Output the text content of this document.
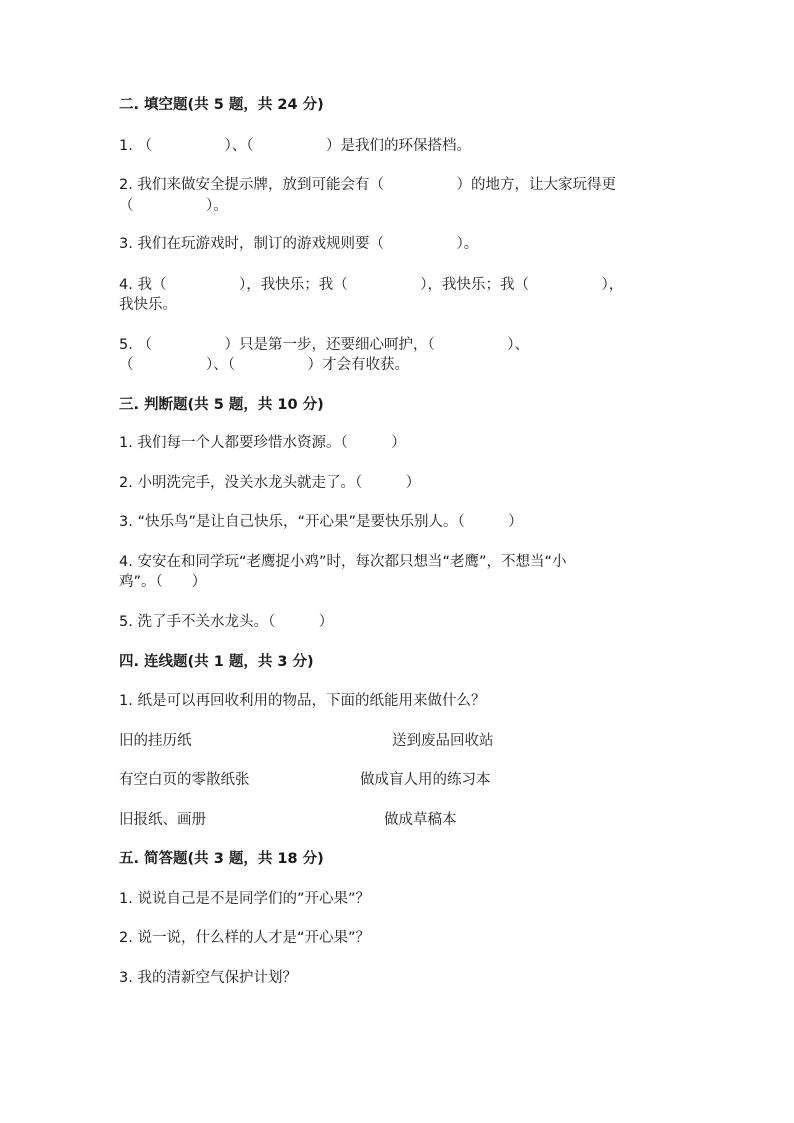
二. 填空题(共 5 题，共 24 分)
1. （　　　　　）、（　　　　　）是我们的环保搭档。
2. 我们来做安全提示牌，放到可能会有（　　　　　）的地方，让大家玩得更
（　　　　　）。
3. 我们在玩游戏时，制订的游戏规则要（　　　　　）。
4. 我（　　　　　），我快乐；我（　　　　　），我快乐；我（　　　　　），
我快乐。
5. （　　　　　）只是第一步，还要细心呵护，（　　　　　）、
（　　　　　）、（　　　　　）才会有收获。
三. 判断题(共 5 题，共 10 分)
1. 我们每一个人都要珍惜水资源。（　　　）
2. 小明洗完手，没关水龙头就走了。（　　　）
3. “快乐鸟”是让自己快乐，“开心果”是要快乐别人。（　　　）
4. 安安在和同学玩“老鹰捉小鸡”时，每次都只想当“老鹰”，不想当“小
鸡”。（　　）
5. 洗了手不关水龙头。（　　　）
四. 连线题(共 1 题，共 3 分)
1. 纸是可以再回收利用的物品，下面的纸能用来做什么？
旧的挂历纸	送到废品回收站
有空白页的零散纸张	做成盲人用的练习本
旧报纸、画册	做成草稿本
五. 简答题(共 3 题，共 18 分)
1. 说说自己是不是同学们的”开心果”？
2. 说一说，什么样的人才是“开心果”？
3. 我的清新空气保护计划？
